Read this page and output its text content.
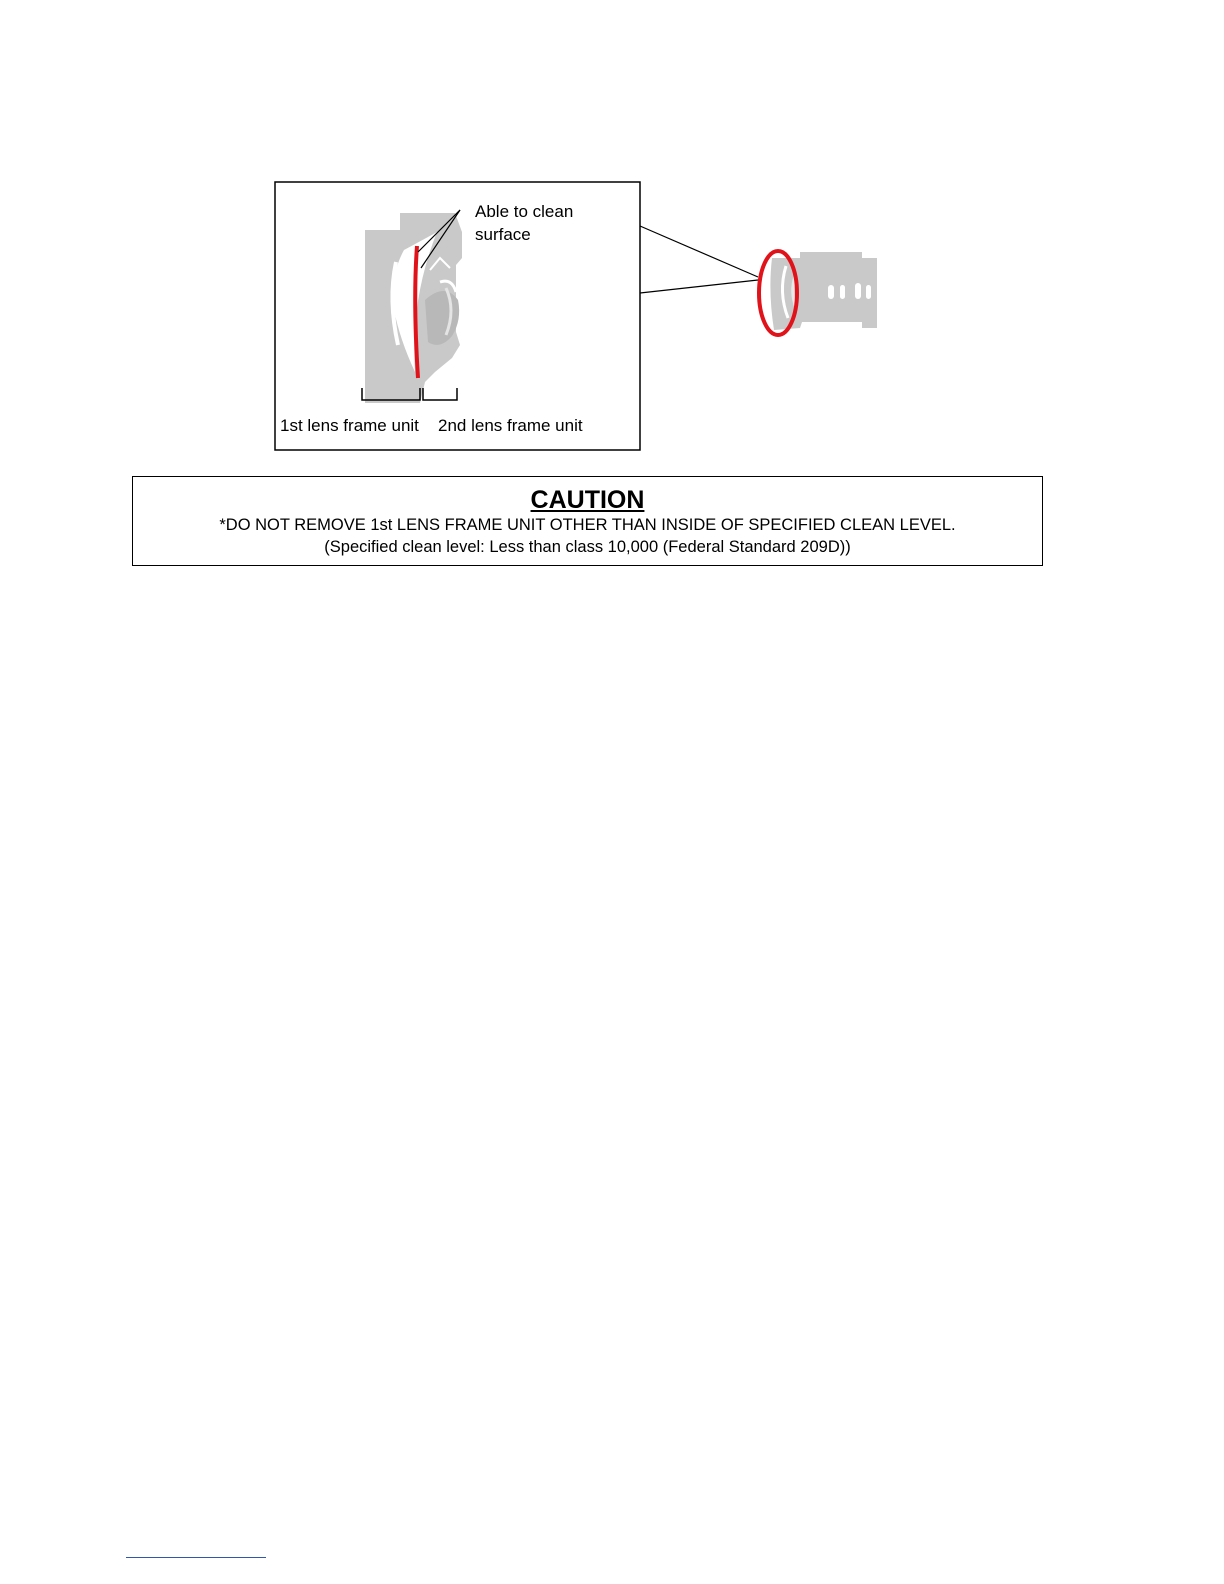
Able to clean
surface
1st lens frame unit 2nd lens frame unit
CAUTION
*DO NOT REMOVE 1st LENS FRAME UNIT OTHER THAN INSIDE OF SPECIFIED CLEAN LEVEL.
(Specified clean level: Less than class 10,000 (Federal Standard 209D))
